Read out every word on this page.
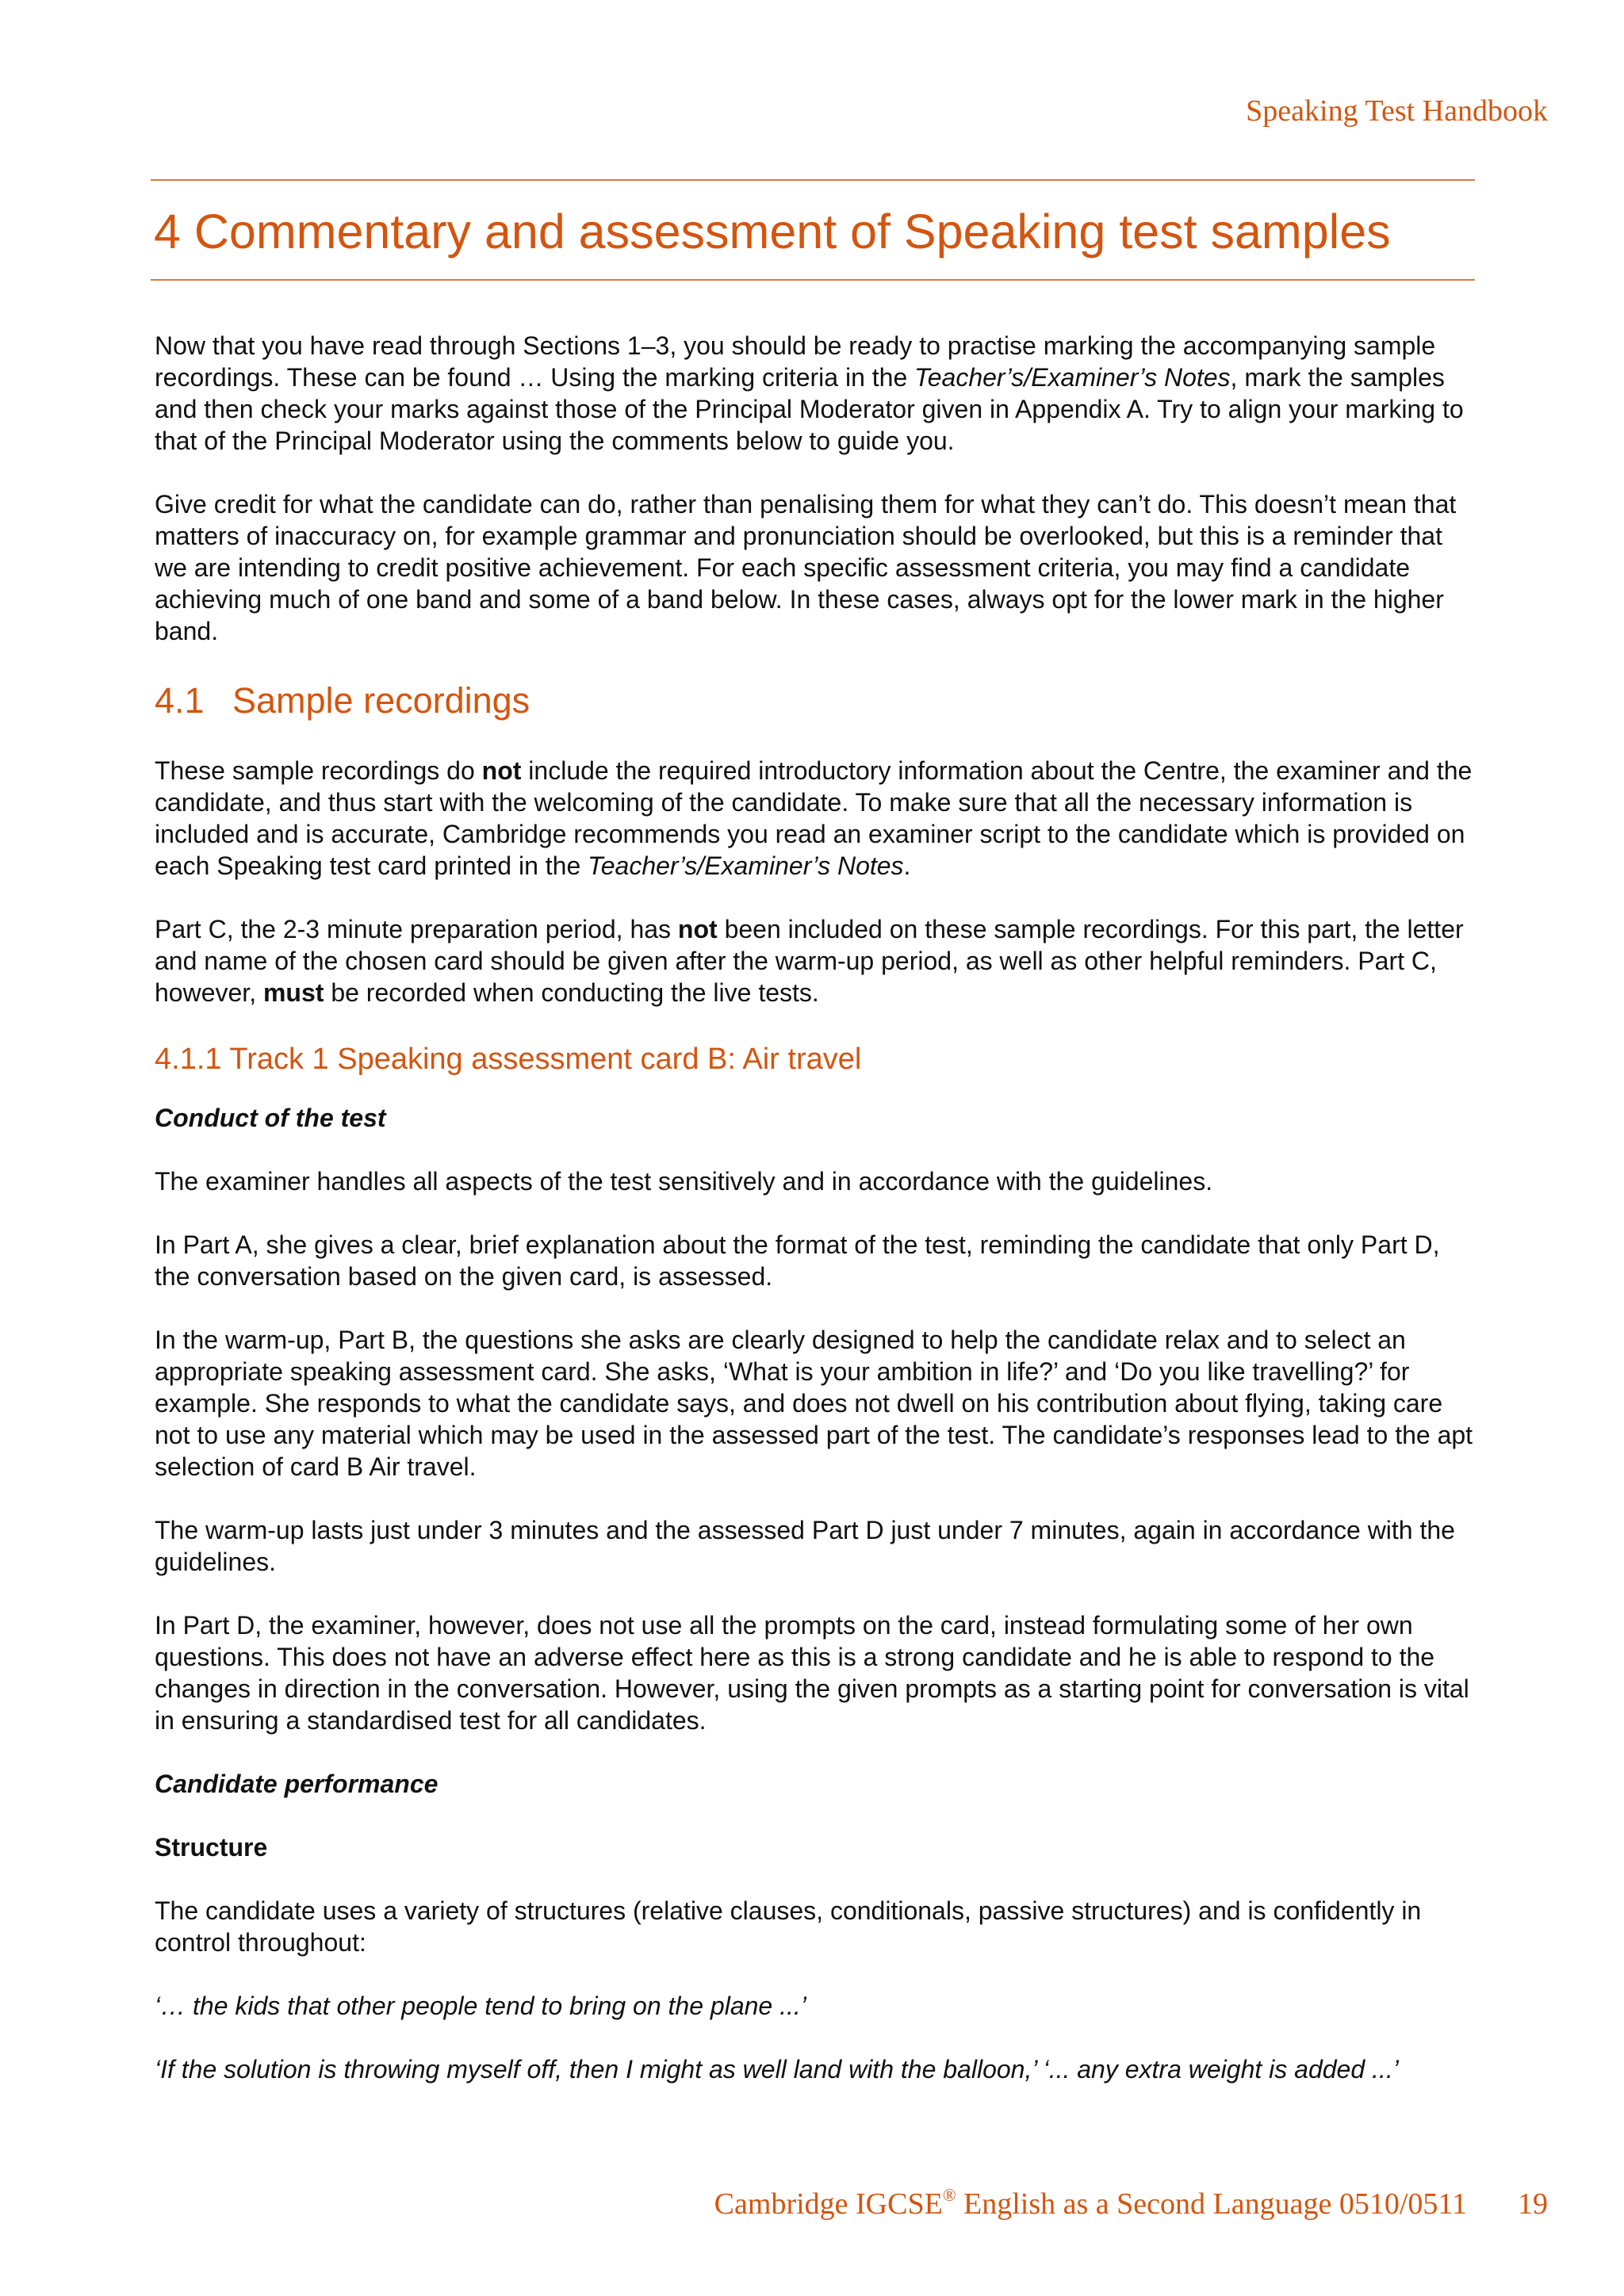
Speaking Test Handbook
4 Commentary and assessment of Speaking test samples

Now that you have read through Sections 1–3, you should be ready to practise marking the accompanying sample recordings. These can be found … Using the marking criteria in the Teacher’s/Examiner’s Notes, mark the samples and then check your marks against those of the Principal Moderator given in Appendix A. Try to align your marking to that of the Principal Moderator using the comments below to guide you.

Give credit for what the candidate can do, rather than penalising them for what they can’t do. This doesn’t mean that matters of inaccuracy on, for example grammar and pronunciation should be overlooked, but this is a reminder that we are intending to credit positive achievement. For each specific assessment criteria, you may find a candidate achieving much of one band and some of a band below. In these cases, always opt for the lower mark in the higher band.

4.1 Sample recordings

These sample recordings do not include the required introductory information about the Centre, the examiner and the candidate, and thus start with the welcoming of the candidate. To make sure that all the necessary information is included and is accurate, Cambridge recommends you read an examiner script to the candidate which is provided on each Speaking test card printed in the Teacher’s/Examiner’s Notes.

Part C, the 2-3 minute preparation period, has not been included on these sample recordings. For this part, the letter and name of the chosen card should be given after the warm-up period, as well as other helpful reminders. Part C, however, must be recorded when conducting the live tests.

4.1.1 Track 1 Speaking assessment card B: Air travel

Conduct of the test

The examiner handles all aspects of the test sensitively and in accordance with the guidelines.

In Part A, she gives a clear, brief explanation about the format of the test, reminding the candidate that only Part D, the conversation based on the given card, is assessed.

In the warm-up, Part B, the questions she asks are clearly designed to help the candidate relax and to select an appropriate speaking assessment card. She asks, ‘What is your ambition in life?’ and ‘Do you like travelling?’ for example. She responds to what the candidate says, and does not dwell on his contribution about flying, taking care not to use any material which may be used in the assessed part of the test. The candidate’s responses lead to the apt selection of card B Air travel.

The warm-up lasts just under 3 minutes and the assessed Part D just under 7 minutes, again in accordance with the guidelines.

In Part D, the examiner, however, does not use all the prompts on the card, instead formulating some of her own questions. This does not have an adverse effect here as this is a strong candidate and he is able to respond to the changes in direction in the conversation. However, using the given prompts as a starting point for conversation is vital in ensuring a standardised test for all candidates.

Candidate performance

Structure

The candidate uses a variety of structures (relative clauses, conditionals, passive structures) and is confidently in control throughout:

‘… the kids that other people tend to bring on the plane ...’

‘If the solution is throwing myself off, then I might as well land with the balloon,’ ‘... any extra weight is added ...’

Cambridge IGCSE® English as a Second Language 0510/0511 19
